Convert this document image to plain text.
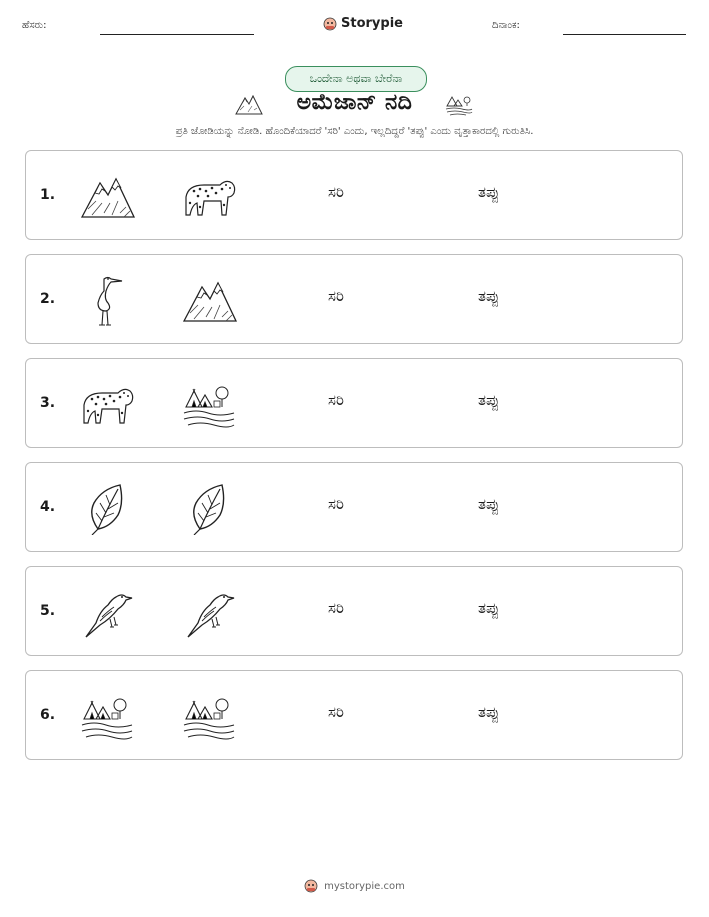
ಹೆಸರು:	Storypie	ದಿನಾಂಕ:
ಒಂದೇನಾ ಅಥವಾ ಬೇರೆನಾ
ಅಮೆಜಾನ್ ನದಿ
ಪ್ರತಿ ಜೋಡಿಯನ್ನು ನೋಡಿ. ಹೊಂದಿಕೆಯಾದರೆ 'ಸರಿ' ಎಂದು, ಇಲ್ಲದಿದ್ದರೆ 'ತಪ್ಪು' ಎಂದು ವೃತ್ತಾಕಾರದಲ್ಲಿ ಗುರುತಿಸಿ.
1.	ಸರಿ	ತಪ್ಪು
2.	ಸರಿ	ತಪ್ಪು
3.	ಸರಿ	ತಪ್ಪು
4.	ಸರಿ	ತಪ್ಪು
5.	ಸರಿ	ತಪ್ಪು
6.	ಸರಿ	ತಪ್ಪು
mystorypie.com
